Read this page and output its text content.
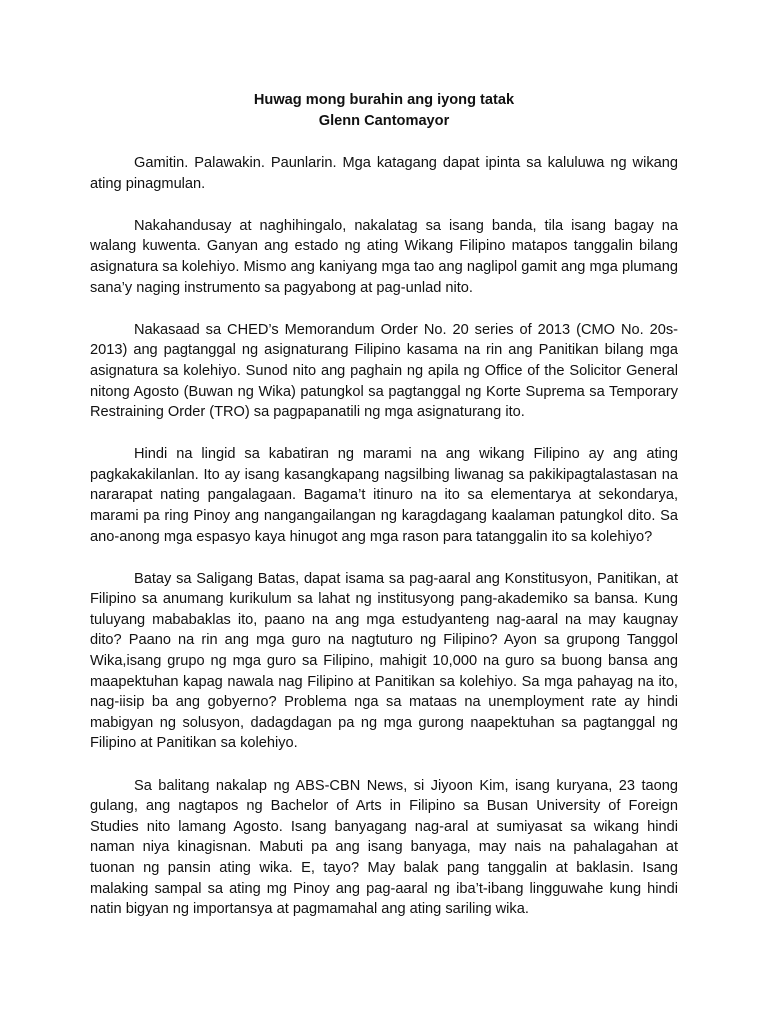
Huwag mong burahin ang iyong tatak

Glenn Cantomayor

Gamitin. Palawakin. Paunlarin. Mga katagang dapat ipinta sa kaluluwa ng wikang ating pinagmulan.

Nakahandusay at naghihingalo, nakalatag sa isang banda, tila isang bagay na walang kuwenta. Ganyan ang estado ng ating Wikang Filipino matapos tanggalin bilang asignatura sa kolehiyo. Mismo ang kaniyang mga tao ang naglipol gamit ang mga plumang sana’y naging instrumento sa pagyabong at pag-unlad nito.

Nakasaad sa CHED’s Memorandum Order No. 20 series of 2013 (CMO No. 20s-2013) ang pagtanggal ng asignaturang Filipino kasama na rin ang Panitikan bilang mga asignatura sa kolehiyo. Sunod nito ang paghain ng apila ng Office of the Solicitor General nitong Agosto (Buwan ng Wika) patungkol sa pagtanggal ng Korte Suprema sa Temporary Restraining Order (TRO) sa pagpapanatili ng mga asignaturang ito.

Hindi na lingid sa kabatiran ng marami na ang wikang Filipino ay ang ating pagkakakilanlan. Ito ay isang kasangkapang nagsilbing liwanag sa pakikipagtalastasan na nararapat nating pangalagaan. Bagama’t itinuro na ito sa elementarya at sekondarya, marami pa ring Pinoy ang nangangailangan ng karagdagang kaalaman patungkol dito. Sa ano-anong mga espasyo kaya hinugot ang mga rason para tatanggalin ito sa kolehiyo?

Batay sa Saligang Batas, dapat isama sa pag-aaral ang Konstitusyon, Panitikan, at Filipino sa anumang kurikulum sa lahat ng institusyong pang-akademiko sa bansa. Kung tuluyang mababaklas ito, paano na ang mga estudyanteng nag-aaral na may kaugnay dito? Paano na rin ang mga guro na nagtuturo ng Filipino? Ayon sa grupong Tanggol Wika,isang grupo ng mga guro sa Filipino, mahigit 10,000 na guro sa buong bansa ang maapektuhan kapag nawala nag Filipino at Panitikan sa kolehiyo. Sa mga pahayag na ito, nag-iisip ba ang gobyerno? Problema nga sa mataas na unemployment rate ay hindi mabigyan ng solusyon, dadagdagan pa ng mga gurong naapektuhan sa pagtanggal ng Filipino at Panitikan sa kolehiyo.

Sa balitang nakalap ng ABS-CBN News, si Jiyoon Kim, isang kuryana, 23 taong gulang, ang nagtapos ng Bachelor of Arts in Filipino sa Busan University of Foreign Studies nito lamang Agosto. Isang banyagang nag-aral at sumiyasat sa wikang hindi naman niya kinagisnan. Mabuti pa ang isang banyaga, may nais na pahalagahan at tuonan ng pansin ating wika. E, tayo? May balak pang tanggalin at baklasin. Isang malaking sampal sa ating mg Pinoy ang pag-aaral ng iba’t-ibang lingguwahe kung hindi natin bigyan ng importansya at pagmamahal ang ating sariling wika.
